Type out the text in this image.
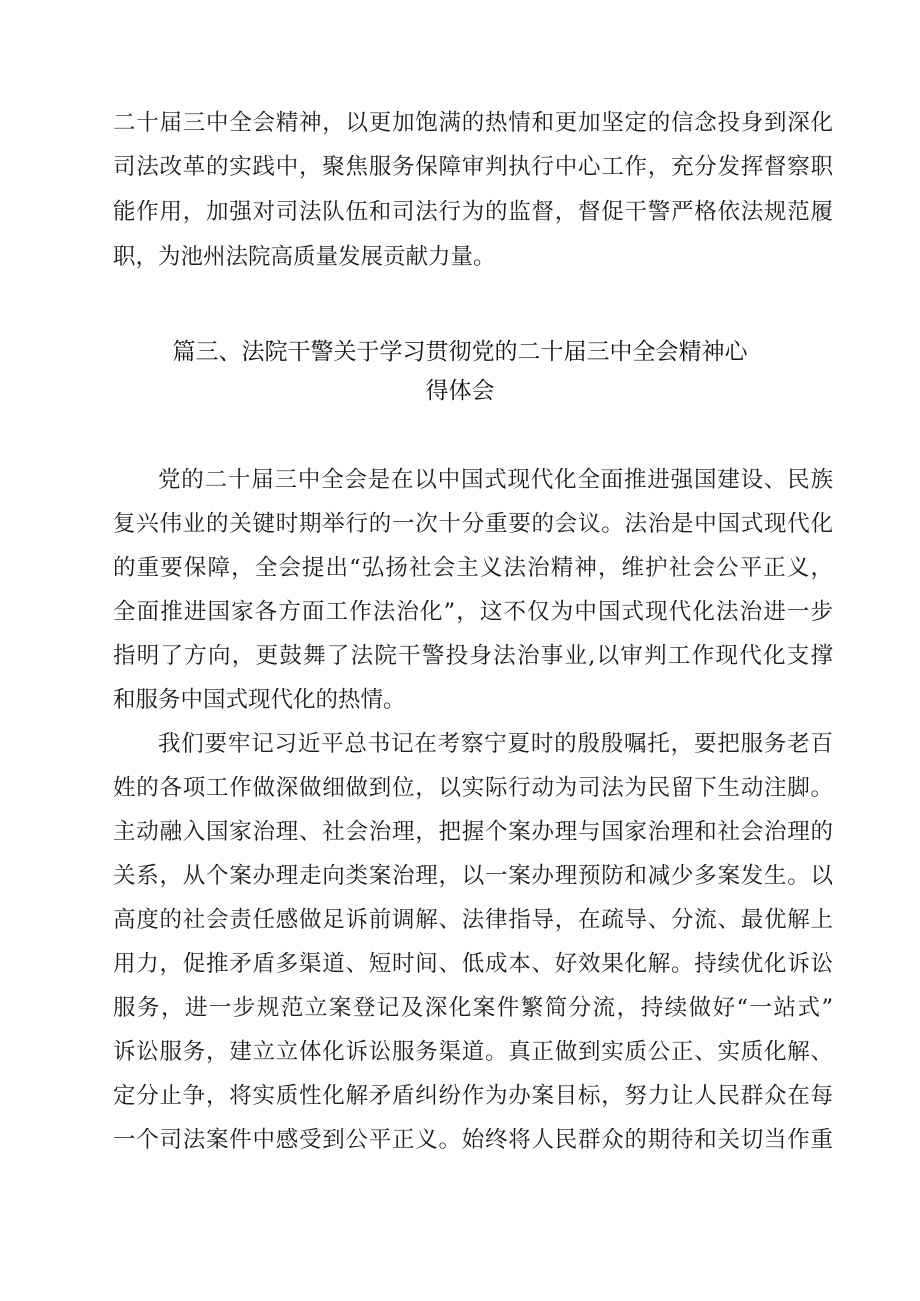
二十届三中全会精神，以更加饱满的热情和更加坚定的信念投身到深化
司法改革的实践中，聚焦服务保障审判执行中心工作，充分发挥督察职
能作用，加强对司法队伍和司法行为的监督，督促干警严格依法规范履
职，为池州法院高质量发展贡献力量。
篇三、法院干警关于学习贯彻党的二十届三中全会精神心
得体会
党的二十届三中全会是在以中国式现代化全面推进强国建设、民族
复兴伟业的关键时期举行的一次十分重要的会议。法治是中国式现代化
的重要保障，全会提出“弘扬社会主义法治精神，维护社会公平正义，
全面推进国家各方面工作法治化”，这不仅为中国式现代化法治进一步
指明了方向，更鼓舞了法院干警投身法治事业,以审判工作现代化支撑
和服务中国式现代化的热情。
我们要牢记习近平总书记在考察宁夏时的殷殷嘱托，要把服务老百
姓的各项工作做深做细做到位，以实际行动为司法为民留下生动注脚。
主动融入国家治理、社会治理，把握个案办理与国家治理和社会治理的
关系，从个案办理走向类案治理，以一案办理预防和减少多案发生。以
高度的社会责任感做足诉前调解、法律指导，在疏导、分流、最优解上
用力，促推矛盾多渠道、短时间、低成本、好效果化解。持续优化诉讼
服务，进一步规范立案登记及深化案件繁简分流，持续做好“一站式”
诉讼服务，建立立体化诉讼服务渠道。真正做到实质公正、实质化解、
定分止争，将实质性化解矛盾纠纷作为办案目标，努力让人民群众在每
一个司法案件中感受到公平正义。始终将人民群众的期待和关切当作重
